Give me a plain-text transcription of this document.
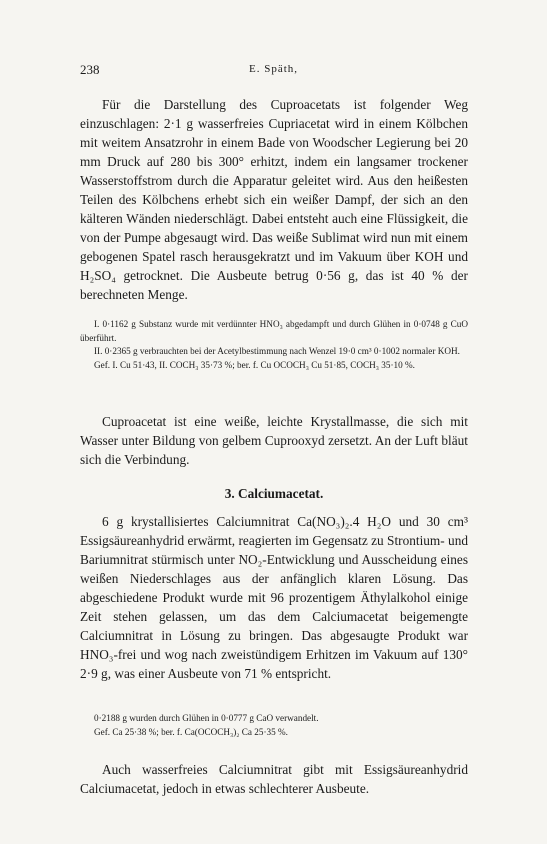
238	E. Späth,

Für die Darstellung des Cuproacetats ist folgender Weg einzuschlagen: 2·1 g wasserfreies Cupriacetat wird in einem Kölbchen mit weitem Ansatzrohr in einem Bade von Woodscher Legierung bei 20 mm Druck auf 280 bis 300° erhitzt, indem ein langsamer trockener Wasserstoffstrom durch die Apparatur geleitet wird. Aus den heißesten Teilen des Kölbchens erhebt sich ein weißer Dampf, der sich an den kälteren Wänden niederschlägt. Dabei entsteht auch eine Flüssigkeit, die von der Pumpe abgesaugt wird. Das weiße Sublimat wird nun mit einem gebogenen Spatel rasch herausgekratzt und im Vakuum über KOH und H₂SO₄ getrocknet. Die Ausbeute betrug 0·56 g, das ist 40 % der berechneten Menge.

I. 0·1162 g Substanz wurde mit verdünnter HNO₃ abgedampft und durch Glühen in 0·0748 g CuO überführt.

II. 0·2365 g verbrauchten bei der Acetylbestimmung nach Wenzel 19·0 cm³ 0·1002 normaler KOH.

Gef. I. Cu 51·43, II. COCH₃ 35·73 %; ber. f. Cu OCOCH₃ Cu 51·85, COCH₃ 35·10 %.

Cuproacetat ist eine weiße, leichte Krystallmasse, die sich mit Wasser unter Bildung von gelbem Cuprooxyd zersetzt. An der Luft bläut sich die Verbindung.

3. Calciumacetat.

6 g krystallisiertes Calciumnitrat Ca(NO₃)₂.4 H₂O und 30 cm³ Essigsäureanhydrid erwärmt, reagierten im Gegensatz zu Strontium- und Bariumnitrat stürmisch unter NO₂-Entwicklung und Ausscheidung eines weißen Niederschlages aus der anfänglich klaren Lösung. Das abgeschiedene Produkt wurde mit 96 prozentigem Äthylalkohol einige Zeit stehen gelassen, um das dem Calciumacetat beigemengte Calciumnitrat in Lösung zu bringen. Das abgesaugte Produkt war HNO₃-frei und wog nach zweistündigem Erhitzen im Vakuum auf 130° 2·9 g, was einer Ausbeute von 71 % entspricht.

0·2188 g wurden durch Glühen in 0·0777 g CaO verwandelt.

Gef. Ca 25·38 %; ber. f. Ca(OCOCH₃)₂ Ca 25·35 %.

Auch wasserfreies Calciumnitrat gibt mit Essigsäureanhydrid Calciumacetat, jedoch in etwas schlechterer Ausbeute.
